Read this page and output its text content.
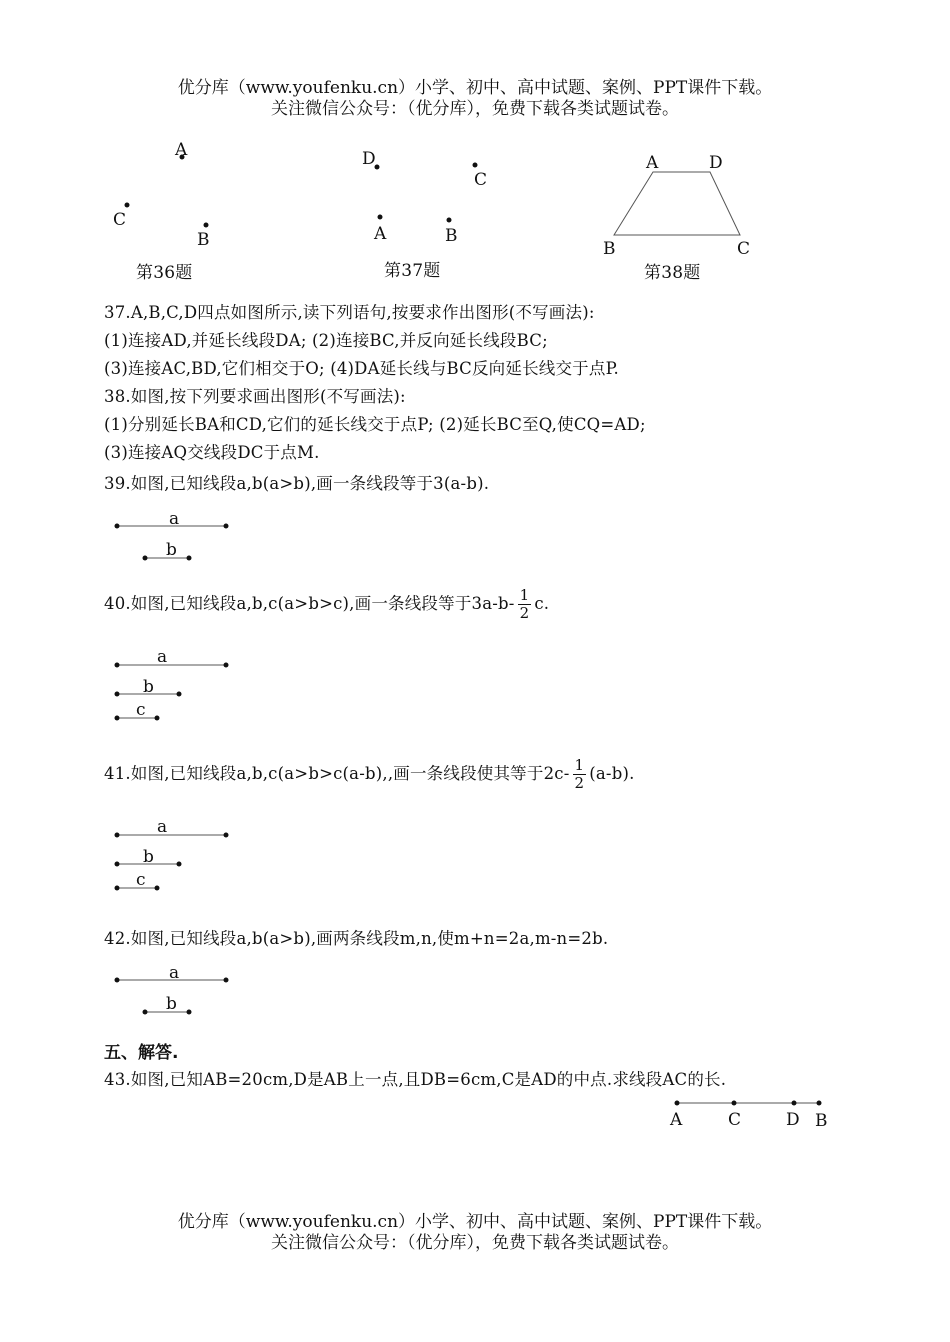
优分库（www.youfenku.cn）小学、初中、高中试题、案例、PPT课件下载。
关注微信公众号：（优分库），免费下载各类试题试卷。
A
C
B
第36题
D
C
A	B
第37题
A	D
B	C
第38题
37.A,B,C,D四点如图所示,读下列语句,按要求作出图形(不写画法):
(1)连接AD,并延长线段DA; (2)连接BC,并反向延长线段BC;
(3)连接AC,BD,它们相交于O; (4)DA延长线与BC反向延长线交于点P.
38.如图,按下列要求画出图形(不写画法):
(1)分别延长BA和CD,它们的延长线交于点P; (2)延长BC至Q,使CQ=AD;
(3)连接AQ交线段DC于点M.
39.如图,已知线段a,b(a>b),画一条线段等于3(a-b).
a
b
40.如图,已知线段a,b,c(a>b>c),画一条线段等于$3a-b- \frac{1}{2} c$.
a
b
c
41.如图,已知线段a,b,c(a>b>c(a-b),,画一条线段使其等于$2c- \frac{1}{2} (a-b)$.
a
b
c
42.如图,已知线段a,b(a>b),画两条线段m,n,使m+n=2a,m-n=2b.
a
b
五、解答.
43.如图,已知AB=20cm,D是AB上一点,且DB=6cm,C是AD的中点.求线段AC的长.
A	C	D B
优分库（www.youfenku.cn）小学、初中、高中试题、案例、PPT课件下载。
关注微信公众号：（优分库），免费下载各类试题试卷。
